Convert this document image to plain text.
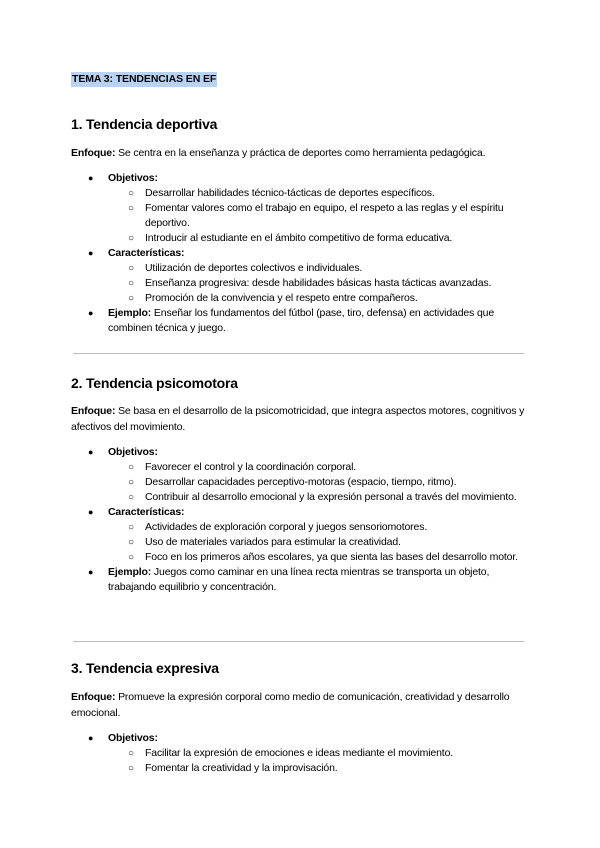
TEMA 3: TENDENCIAS EN EF
1. Tendencia deportiva

Enfoque: Se centra en la enseñanza y práctica de deportes como herramienta pedagógica.

● Objetivos:
○ Desarrollar habilidades técnico-tácticas de deportes específicos.
○ Fomentar valores como el trabajo en equipo, el respeto a las reglas y el espíritu deportivo.
○ Introducir al estudiante en el ámbito competitivo de forma educativa.
● Características:
○ Utilización de deportes colectivos e individuales.
○ Enseñanza progresiva: desde habilidades básicas hasta tácticas avanzadas.
○ Promoción de la convivencia y el respeto entre compañeros.
● Ejemplo: Enseñar los fundamentos del fútbol (pase, tiro, defensa) en actividades que combinen técnica y juego.
2. Tendencia psicomotora

Enfoque: Se basa en el desarrollo de la psicomotricidad, que integra aspectos motores, cognitivos y afectivos del movimiento.

● Objetivos:
○ Favorecer el control y la coordinación corporal.
○ Desarrollar capacidades perceptivo-motoras (espacio, tiempo, ritmo).
○ Contribuir al desarrollo emocional y la expresión personal a través del movimiento.
● Características:
○ Actividades de exploración corporal y juegos sensoriomotores.
○ Uso de materiales variados para estimular la creatividad.
○ Foco en los primeros años escolares, ya que sienta las bases del desarrollo motor.
● Ejemplo: Juegos como caminar en una línea recta mientras se transporta un objeto, trabajando equilibrio y concentración.
3. Tendencia expresiva

Enfoque: Promueve la expresión corporal como medio de comunicación, creatividad y desarrollo emocional.

● Objetivos:
○ Facilitar la expresión de emociones e ideas mediante el movimiento.
○ Fomentar la creatividad y la improvisación.
